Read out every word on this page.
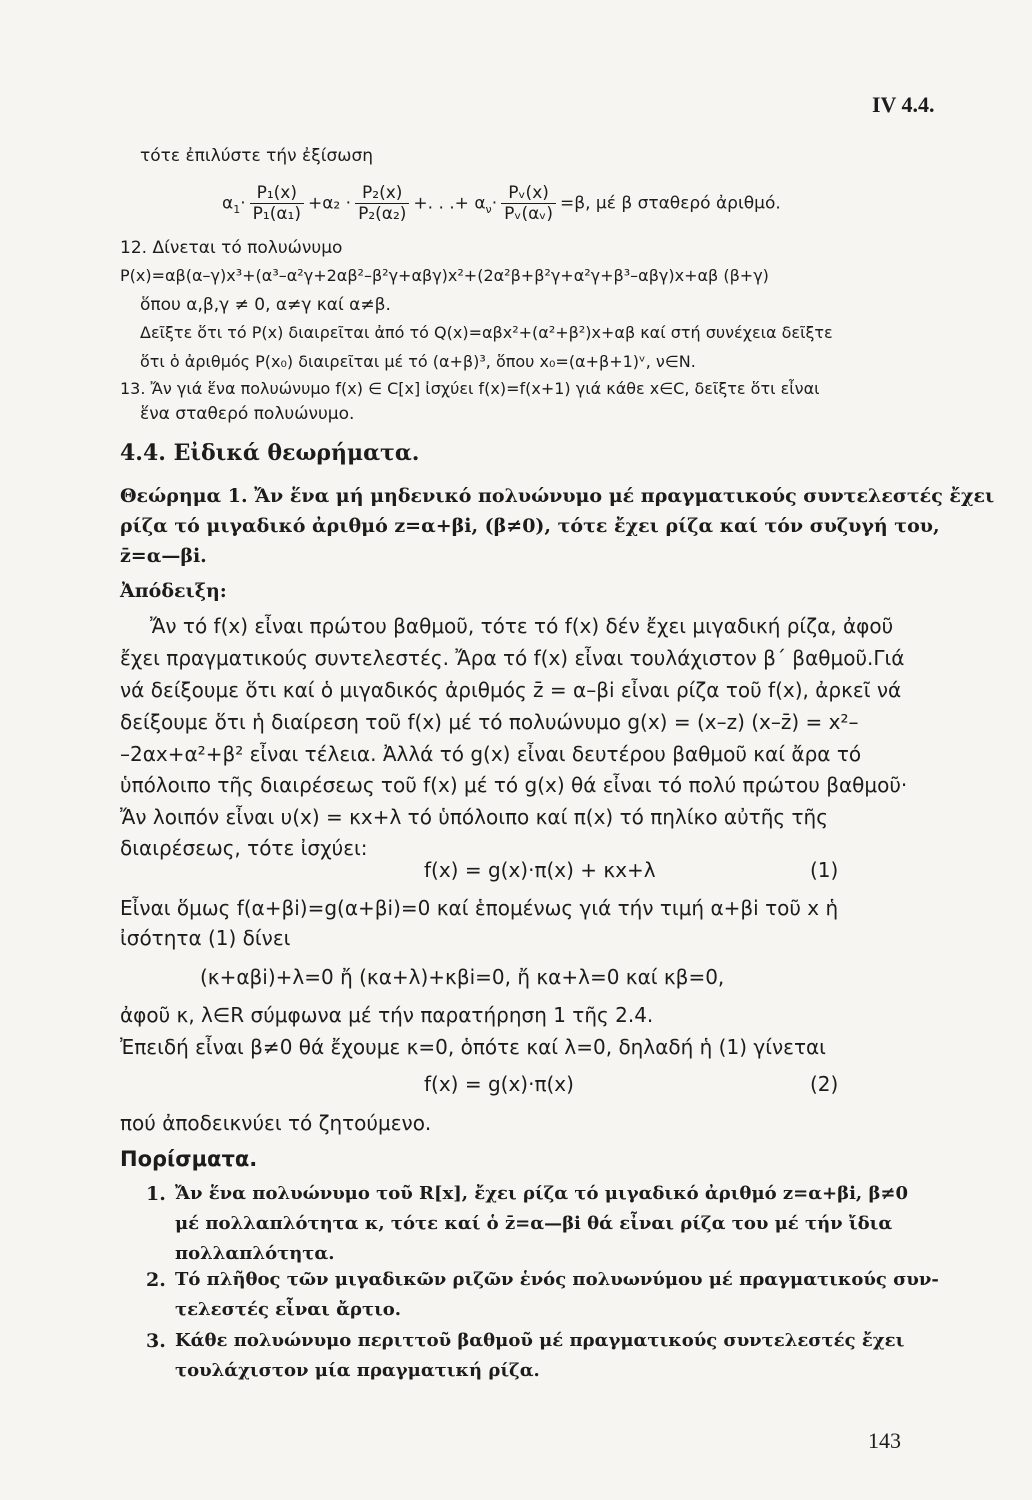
IV 4.4.
τότε ἐπιλύστε τήν ἐξίσωση
$\alpha_1\cdot \frac{\text{P₁(x)}}{\text{P₁(α₁)}} +\alpha_2 \cdot \frac{\text{P₂(x)}}{\text{P₂(α₂)}}$ +. . .+ $\alpha_\nu\cdot \frac{\text{Pᵥ(x)}}{\text{Pᵥ(αᵥ)}} =\beta$, μέ β σταθερό ἀριθμό.
12. Δίνεται τό πολυώνυμο
P(x)=αβ(α–γ)x³+(α³–α²γ+2αβ²–β²γ+αβγ)x²+(2α²β+β²γ+α²γ+β³–αβγ)x+αβ (β+γ)
ὅπου α,β,γ ≠ 0, α≠γ καί α≠β.
Δεῖξτε ὅτι τό P(x) διαιρεῖται ἀπό τό Q(x)=αβx²+(α²+β²)x+αβ καί στή συνέχεια δεῖξτε
ὅτι ὁ ἀριθμός P(x₀) διαιρεῖται μέ τό (α+β)³, ὅπου x₀=(α+β+1)ᵛ, ν∈N.
13. Ἄν γιά ἕνα πολυώνυμο f(x) ∈ C[x] ἰσχύει f(x)=f(x+1) γιά κάθε x∈C, δεῖξτε ὅτι εἶναι
ἕνα σταθερό πολυώνυμο.
4.4. Εἰδικά θεωρήματα.
Θεώρημα 1. Ἄν ἕνα μή μηδενικό πολυώνυμο μέ πραγματικούς συντελεστές ἔχει
ρίζα τό μιγαδικό ἀριθμό z=α+βi, (β≠0), τότε ἔχει ρίζα καί τόν συζυγή του,
z̄=α—βi.
Ἀπόδειξη:
Ἄν τό f(x) εἶναι πρώτου βαθμοῦ, τότε τό f(x) δέν ἔχει μιγαδική ρίζα, ἀφοῦ
ἔχει πραγματικούς συντελεστές. Ἄρα τό f(x) εἶναι τουλάχιστον β΄ βαθμοῦ.Γιά
νά δείξουμε ὅτι καί ὁ μιγαδικός ἀριθμός z̄ = α–βi εἶναι ρίζα τοῦ f(x), ἀρκεῖ νά
δείξουμε ὅτι ἡ διαίρεση τοῦ f(x) μέ τό πολυώνυμο g(x) = (x–z) (x–z̄) = x²–
–2αx+α²+β² εἶναι τέλεια. Ἀλλά τό g(x) εἶναι δευτέρου βαθμοῦ καί ἄρα τό
ὑπόλοιπο τῆς διαιρέσεως τοῦ f(x) μέ τό g(x) θά εἶναι τό πολύ πρώτου βαθμοῦ·
Ἄν λοιπόν εἶναι υ(x) = κx+λ τό ὑπόλοιπο καί π(x) τό πηλίκο αὐτῆς τῆς
διαιρέσεως, τότε ἰσχύει:
f(x) = g(x)·π(x) + κx+λ	(1)
Εἶναι ὅμως f(α+βi)=g(α+βi)=0 καί ἑπομένως γιά τήν τιμή α+βi τοῦ x ἡ
ἰσότητα (1) δίνει
(κ+αβi)+λ=0 ἤ (κα+λ)+κβi=0, ἤ κα+λ=0 καί κβ=0,
ἀφοῦ κ, λ∈R σύμφωνα μέ τήν παρατήρηση 1 τῆς 2.4.
Ἐπειδή εἶναι β≠0 θά ἔχουμε κ=0, ὁπότε καί λ=0, δηλαδή ἡ (1) γίνεται
f(x) = g(x)·π(x)	(2)
πού ἀποδεικνύει τό ζητούμενο.
Πορίσματα.
1. Ἄν ἕνα πολυώνυμο τοῦ R[x], ἔχει ρίζα τό μιγαδικό ἀριθμό z=α+βi, β≠0
μέ πολλαπλότητα κ, τότε καί ὁ z̄=α—βi θά εἶναι ρίζα του μέ τήν ἴδια
πολλαπλότητα.
2. Τό πλῆθος τῶν μιγαδικῶν ριζῶν ἑνός πολυωνύμου μέ πραγματικούς συν-
τελεστές εἶναι ἄρτιο.
3. Κάθε πολυώνυμο περιττοῦ βαθμοῦ μέ πραγματικούς συντελεστές ἔχει
τουλάχιστον μία πραγματική ρίζα.
143
